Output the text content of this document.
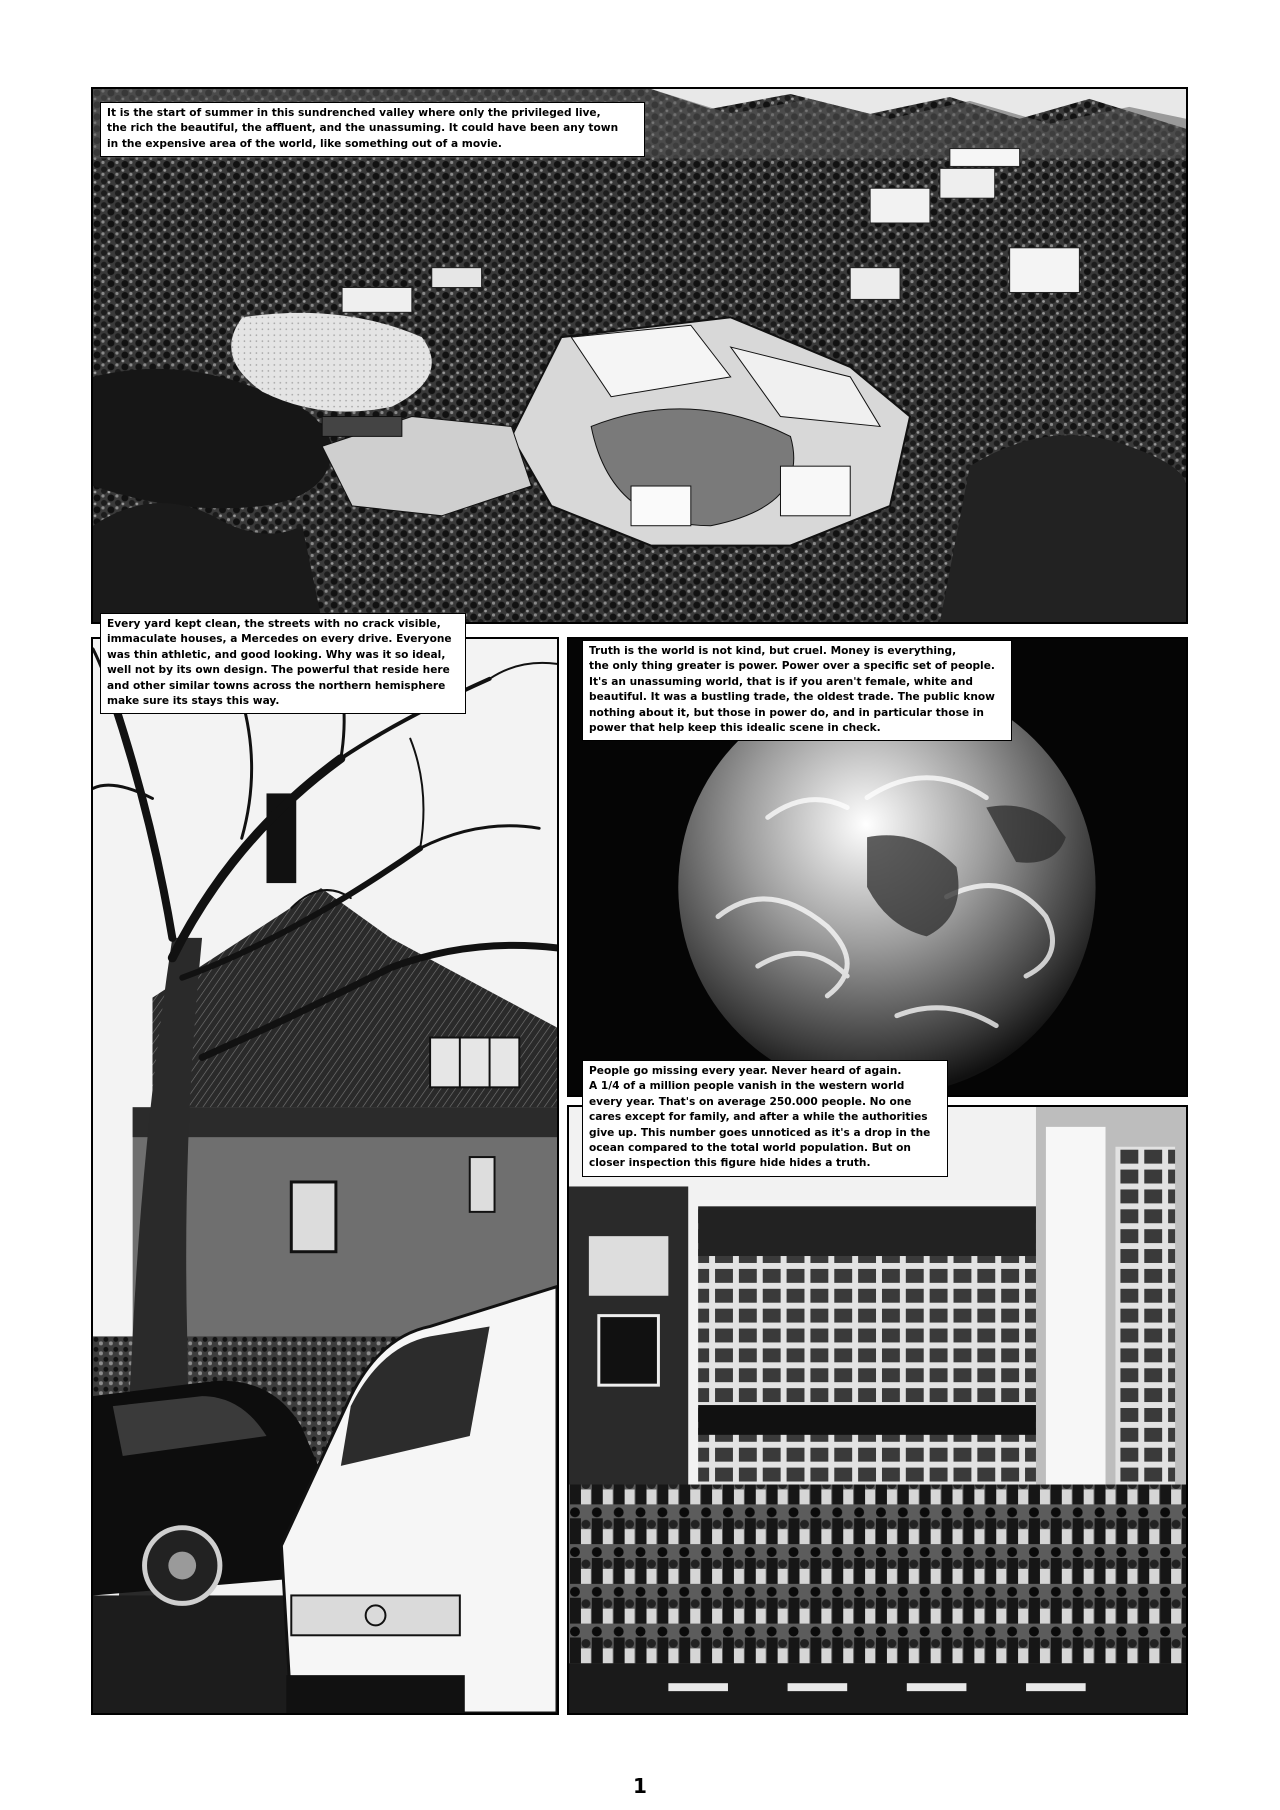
It is the start of summer in this sundrenched valley where only the privileged live,
the rich the beautiful, the affluent, and the unassuming. It could have been any town
in the expensive area of the world, like something out of a movie.
Every yard kept clean, the streets with no crack visible,
immaculate houses, a Mercedes on every drive. Everyone
was thin athletic, and good looking. Why was it so ideal,
well not by its own design. The powerful that reside here
and other similar towns across the northern hemisphere
make sure its stays this way.
Truth is the world is not kind, but cruel. Money is everything,
the only thing greater is power. Power over a specific set of people.
It's an unassuming world, that is if you aren't female, white and
beautiful. It was a bustling trade, the oldest trade. The public know
nothing about it, but those in power do, and in particular those in
power that help keep this idealic scene in check.
People go missing every year. Never heard of again.
A 1/4 of a million people vanish in the western world
every year. That's on average 250.000 people. No one
cares except for family, and after a while the authorities
give up. This number goes unnoticed as it's a drop in the
ocean compared to the total world population. But on
closer inspection this figure hide hides a truth.
1
